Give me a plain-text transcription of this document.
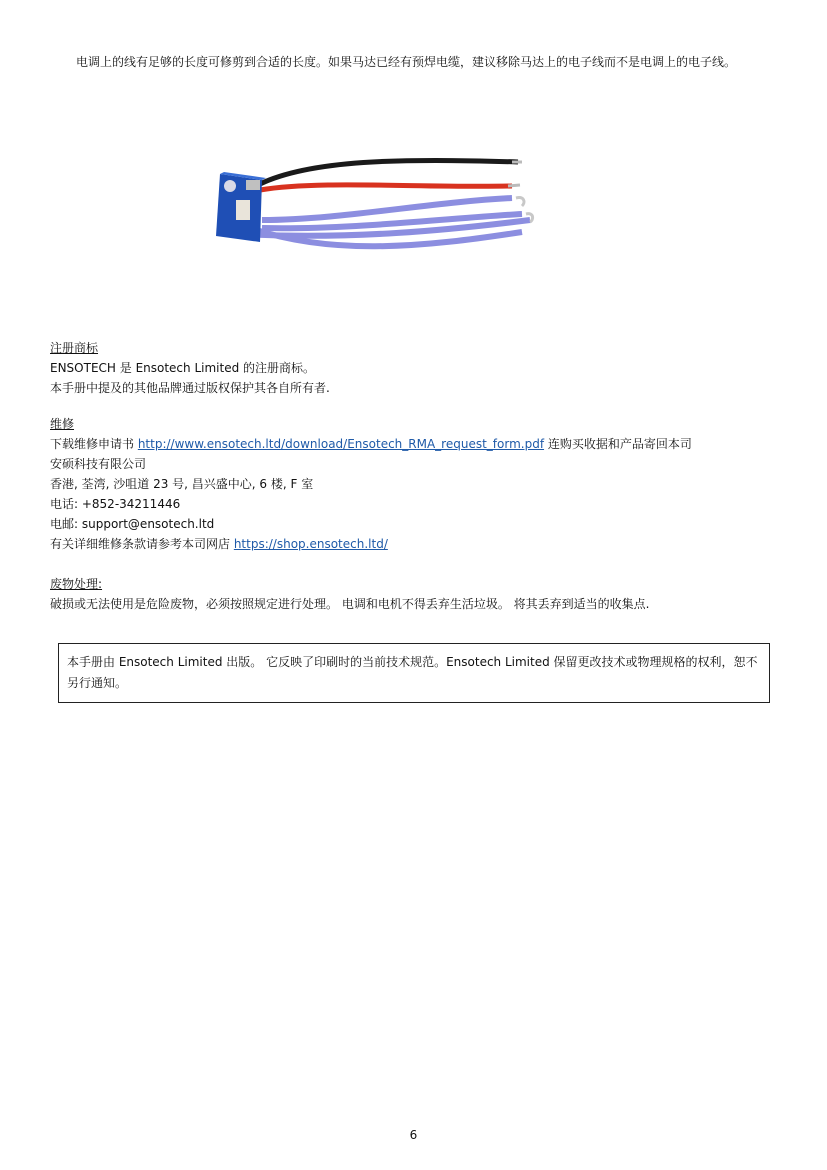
电调上的线有足够的长度可修剪到合适的长度。如果马达已经有预焊电缆，建议移除马达上的电子线而不是电调上的电子线。

注册商标

ENSOTECH 是 Ensotech Limited 的注册商标。

本手册中提及的其他品牌通过版权保护其各自所有者.

维修

下载维修申请书 http://www.ensotech.ltd/download/Ensotech_RMA_request_form.pdf 连购买收据和产品寄回本司

安硕科技有限公司

香港, 荃湾, 沙咀道 23 号, 昌兴盛中心, 6 楼, F 室

电话: +852-34211446

电邮: support@ensotech.ltd

有关详细维修条款请参考本司网店 https://shop.ensotech.ltd/

废物处理:

破损或无法使用是危险废物，必须按照规定进行处理。 电调和电机不得丢弃生活垃圾。 将其丢弃到适当的收集点.

本手册由 Ensotech Limited 出版。 它反映了印刷时的当前技术规范。Ensotech Limited 保留更改技术或物理规格的权利，恕不另行通知。
6
